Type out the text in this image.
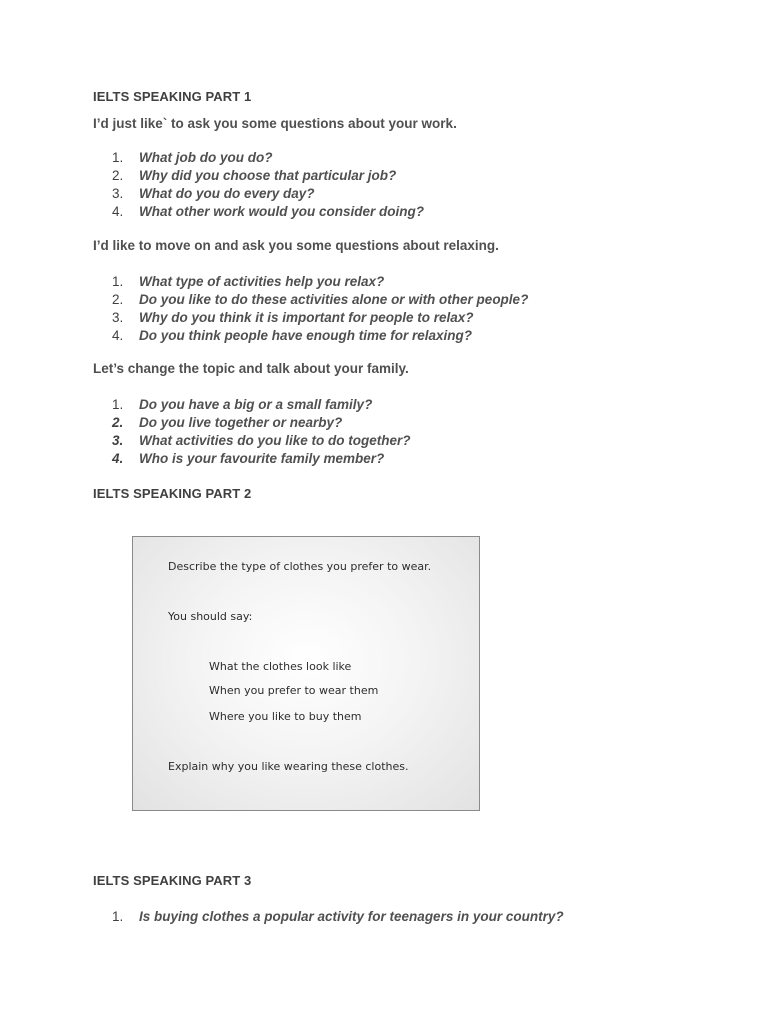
IELTS SPEAKING PART 1
I’d just like` to ask you some questions about your work.
1. What job do you do?
2. Why did you choose that particular job?
3. What do you do every day?
4. What other work would you consider doing?
I’d like to move on and ask you some questions about relaxing.
1. What type of activities help you relax?
2. Do you like to do these activities alone or with other people?
3. Why do you think it is important for people to relax?
4. Do you think people have enough time for relaxing?
Let’s change the topic and talk about your family.
1. Do you have a big or a small family?
2. Do you live together or nearby?
3. What activities do you like to do together?
4. Who is your favourite family member?
IELTS SPEAKING PART 2
Describe the type of clothes you prefer to wear.
You should say:
What the clothes look like
When you prefer to wear them
Where you like to buy them
Explain why you like wearing these clothes.
IELTS SPEAKING PART 3
1. Is buying clothes a popular activity for teenagers in your country?
